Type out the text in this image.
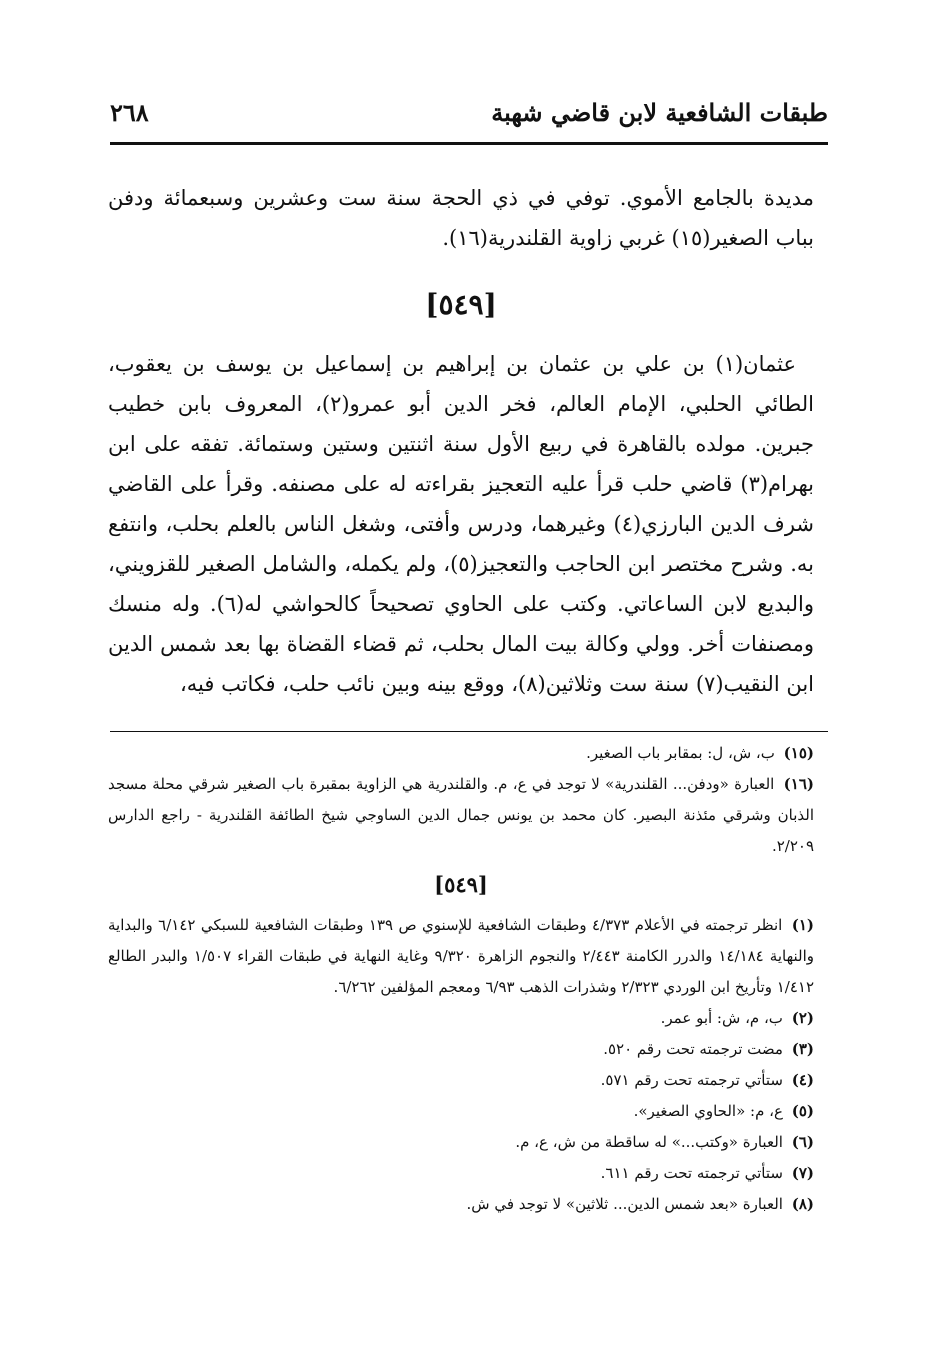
طبقات الشافعية لابن قاضي شهبة
٢٦٨

مديدة بالجامع الأموي. توفي في ذي الحجة سنة ست وعشرين وسبعمائة ودفن بباب الصغير(١٥) غربي زاوية القلندرية(١٦).

[٥٤٩]

عثمان(١) بن علي بن عثمان بن إبراهيم بن إسماعيل بن يوسف بن يعقوب، الطائي الحلبي، الإمام العالم، فخر الدين أبو عمرو(٢)، المعروف بابن خطيب جبرين. مولده بالقاهرة في ربيع الأول سنة اثنتين وستين وستمائة. تفقه على ابن بهرام(٣) قاضي حلب قرأ عليه التعجيز بقراءته له على مصنفه. وقرأ على القاضي شرف الدين البارزي(٤) وغيرهما، ودرس وأفتى، وشغل الناس بالعلم بحلب، وانتفع به. وشرح مختصر ابن الحاجب والتعجيز(٥)، ولم يكمله، والشامل الصغير للقزويني، والبديع لابن الساعاتي. وكتب على الحاوي تصحيحاً كالحواشي له(٦). وله منسك ومصنفات أخر. وولي وكالة بيت المال بحلب، ثم قضاء القضاة بها بعد شمس الدين ابن النقيب(٧) سنة ست وثلاثين(٨)، ووقع بينه وبين نائب حلب، فكاتب فيه،

(١٥) ب، ش، ل: بمقابر باب الصغير.

(١٦) العبارة «ودفن... القلندرية» لا توجد في ع، م. والقلندرية هي الزاوية بمقبرة باب الصغير شرقي محلة مسجد الذبان وشرقي مئذنة البصير. كان محمد بن يونس جمال الدين الساوجي شيخ الطائفة القلندرية - راجع الدارس ٢/٢٠٩.

[٥٤٩]

(١) انظر ترجمته في الأعلام ٤/٣٧٣ وطبقات الشافعية للإسنوي ص ١٣٩ وطبقات الشافعية للسبكي ٦/١٤٢ والبداية والنهاية ١٤/١٨٤ والدرر الكامنة ٢/٤٤٣ والنجوم الزاهرة ٩/٣٢٠ وغاية النهاية في طبقات القراء ١/٥٠٧ والبدر الطالع ١/٤١٢ وتأريخ ابن الوردي ٢/٣٢٣ وشذرات الذهب ٦/٩٣ ومعجم المؤلفين ٦/٢٦٢.

(٢) ب، م، ش: أبو عمر.

(٣) مضت ترجمته تحت رقم ٥٢٠.

(٤) ستأتي ترجمته تحت رقم ٥٧١.

(٥) ع، م: «الحاوي الصغير».

(٦) العبارة «وكتب...» له ساقطة من ش، ع، م.

(٧) ستأتي ترجمته تحت رقم ٦١١.

(٨) العبارة «بعد شمس الدين... ثلاثين» لا توجد في ش.
